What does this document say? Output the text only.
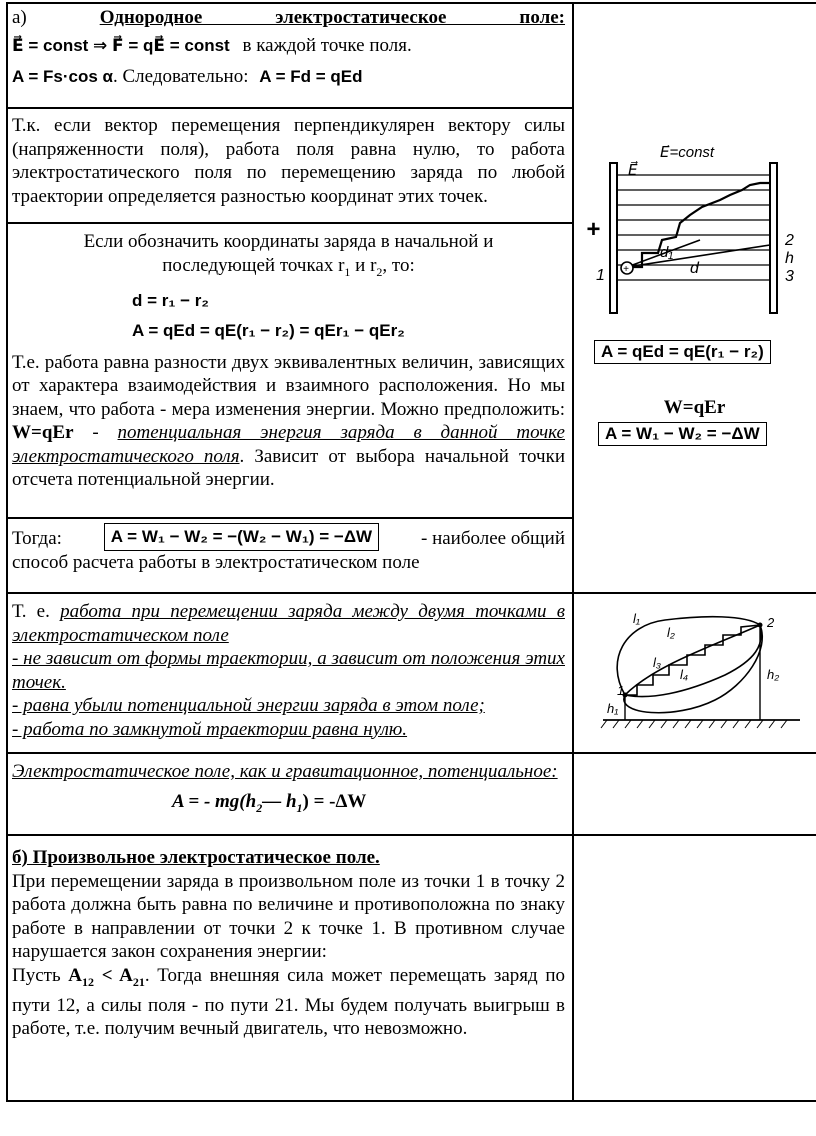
а) Однородное электростатическое поле:
E⃗ = const ⇒ F⃗ = qE⃗ = const в каждой точке поля.
A = Fs·cos α. Следовательно: A = Fd = qEd
Т.к. если вектор перемещения перпендикулярен вектору силы (напряженности поля), работа поля равна нулю, то работа электростатического поля по перемещению заряда по любой траектории определяется разностью координат этих точек.
Если обозначить координаты заряда в начальной и последующей точках $r_1$ и $r_2$, то:
d = r₁ − r₂
A = qEd = qE(r₁ − r₂) = qEr₁ − qEr₂
Т.е. работа равна разности двух эквивалентных величин, зависящих от характера взаимодействия и взаимного расположения. Но мы знаем, что работа - мера изменения энергии. Можно предположить: W=qEr - потенциальная энергия заряда в данной точке электростатического поля. Зависит от выбора начальной точки отсчета потенциальной энергии.
Тогда:	A = W₁ − W₂ = −(W₂ − W₁) = −ΔW	- наиболее общий
способ расчета работы в электростатическом поле
Т. е. работа при перемещении заряда между двумя точками в электростатическом поле
- не зависит от формы траектории, а зависит от положения этих точек.
- равна убыли потенциальной энергии заряда в этом поле;
- работа по замкнутой траектории равна нулю.
Электростатическое поле, как и гравитационное, потенциальное:
A = - $mg(h_2—$ $h_1) = -\Delta W$
б) Произвольное электростатическое поле.
При перемещении заряда в произвольном поле из точки 1 в точку 2 работа должна быть равна по величине и противоположна по знаку работе в направлении от точки 2 к точке 1. В противном случае нарушается закон сохранения энергии:
Пусть $A_{12} < A_{21}$. Тогда внешняя сила может перемещать заряд по пути 12, а силы поля - по пути 21. Мы будем получать выигрыш в работе, т.е. получим вечный двигатель, что невозможно.
+
E⃗=const
E⃗
+	2
h
3
1
d₁
d
A = qEd = qE(r₁ − r₂)
W=qEr
A = W₁ − W₂ = −ΔW
l₁
l₂
l₃
l₄
1
2
h₁
h₂
